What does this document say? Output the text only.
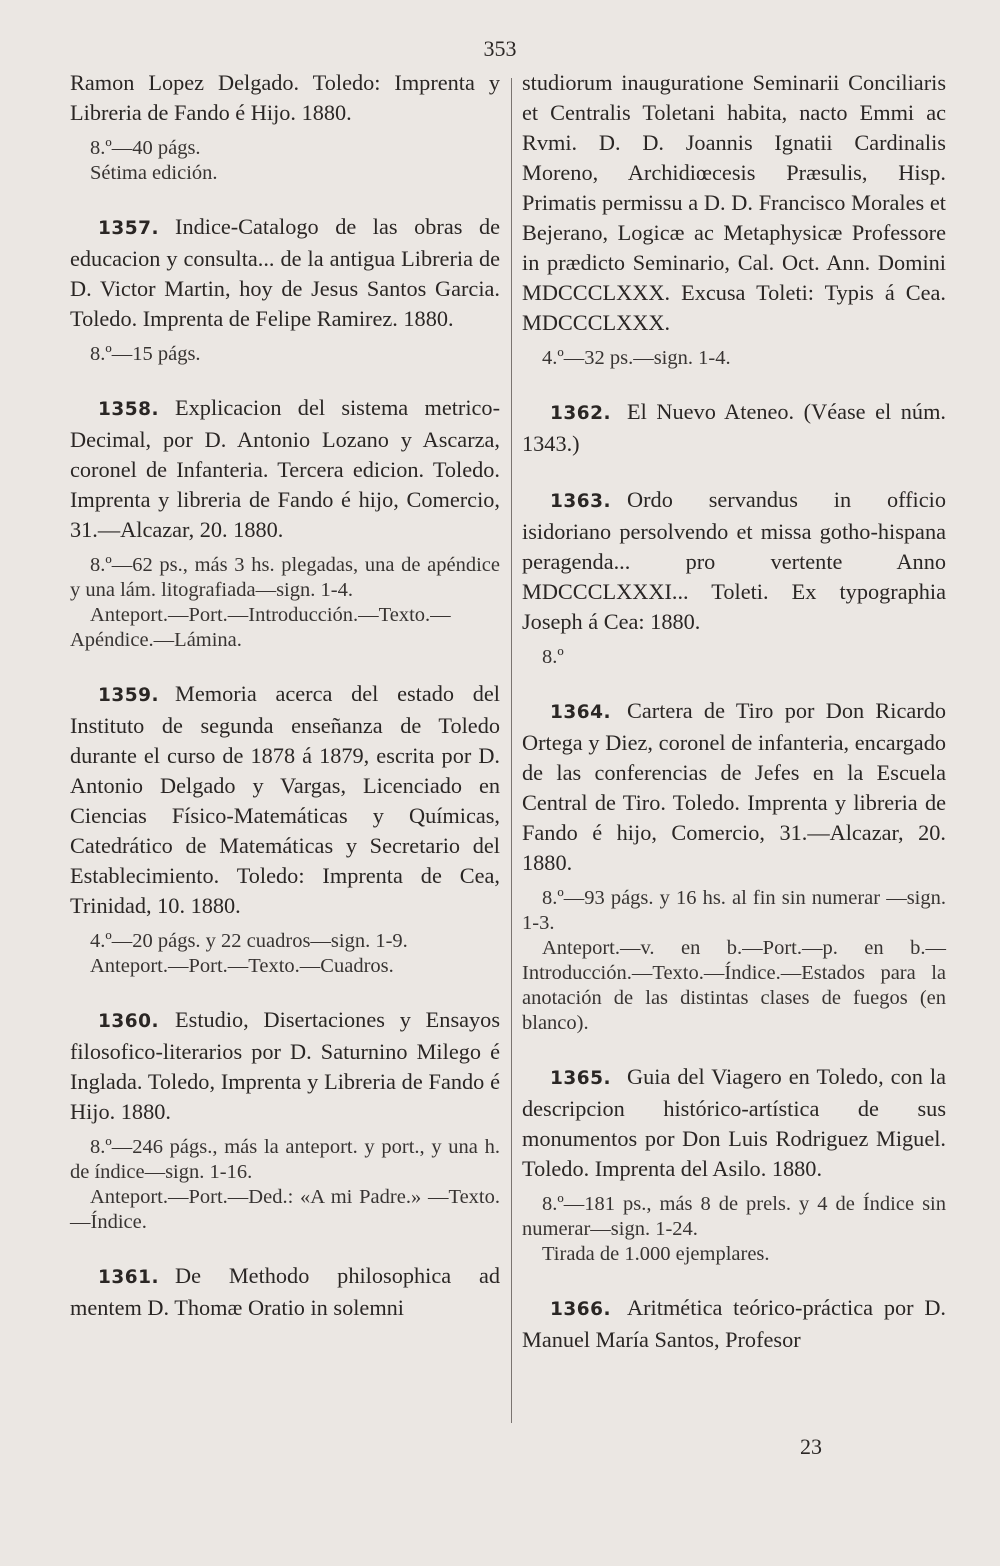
353
Ramon Lopez Delgado. Toledo: Imprenta y Libreria de Fando é Hijo. 1880.
8.º—40 págs.
Sétima edición.
1357. Indice-Catalogo de las obras de educacion y consulta... de la antigua Libreria de D. Victor Martin, hoy de Jesus Santos Garcia. Toledo. Imprenta de Felipe Ramirez. 1880.
8.º—15 págs.
1358. Explicacion del sistema metrico-Decimal, por D. Antonio Lozano y Ascarza, coronel de Infanteria. Tercera edicion. Toledo. Imprenta y libreria de Fando é hijo, Comercio, 31.—Alcazar, 20. 1880.
8.º—62 ps., más 3 hs. plegadas, una de apéndice y una lám. litografiada—sign. 1-4.
Anteport.—Port.—Introducción.—Texto.—Apéndice.—Lámina.
1359. Memoria acerca del estado del Instituto de segunda enseñanza de Toledo durante el curso de 1878 á 1879, escrita por D. Antonio Delgado y Vargas, Licenciado en Ciencias Físico-Matemáticas y Químicas, Catedrático de Matemáticas y Secretario del Establecimiento. Toledo: Imprenta de Cea, Trinidad, 10. 1880.
4.º—20 págs. y 22 cuadros—sign. 1-9.
Anteport.—Port.—Texto.—Cuadros.
1360. Estudio, Disertaciones y Ensayos filosofico-literarios por D. Saturnino Milego é Inglada. Toledo, Imprenta y Libreria de Fando é Hijo. 1880.
8.º—246 págs., más la anteport. y port., y una h. de índice—sign. 1-16.
Anteport.—Port.—Ded.: «A mi Padre.» —Texto.—Índice.
1361. De Methodo philosophica ad mentem D. Thomæ Oratio in solemni
studiorum inauguratione Seminarii Conciliaris et Centralis Toletani habita, nacto Emmi ac Rvmi. D. D. Joannis Ignatii Cardinalis Moreno, Archidiœcesis Præsulis, Hisp. Primatis permissu a D. D. Francisco Morales et Bejerano, Logicæ ac Metaphysicæ Professore in prædicto Seminario, Cal. Oct. Ann. Domini MDCCCLXXX. Excusa Toleti: Typis á Cea. MDCCCLXXX.
4.º—32 ps.—sign. 1-4.
1362. El Nuevo Ateneo. (Véase el núm. 1343.)
1363. Ordo servandus in officio isidoriano persolvendo et missa gotho-hispana peragenda... pro vertente Anno MDCCCLXXXI... Toleti. Ex typographia Joseph á Cea: 1880.
8.º
1364. Cartera de Tiro por Don Ricardo Ortega y Diez, coronel de infanteria, encargado de las conferencias de Jefes en la Escuela Central de Tiro. Toledo. Imprenta y libreria de Fando é hijo, Comercio, 31.—Alcazar, 20. 1880.
8.º—93 págs. y 16 hs. al fin sin numerar —sign. 1-3.
Anteport.—v. en b.—Port.—p. en b.—Introducción.—Texto.—Índice.—Estados para la anotación de las distintas clases de fuegos (en blanco).
1365. Guia del Viagero en Toledo, con la descripcion histórico-artística de sus monumentos por Don Luis Rodriguez Miguel. Toledo. Imprenta del Asilo. 1880.
8.º—181 ps., más 8 de prels. y 4 de Índice sin numerar—sign. 1-24.
Tirada de 1.000 ejemplares.
1366. Aritmética teórico-práctica por D. Manuel María Santos, Profesor
23
